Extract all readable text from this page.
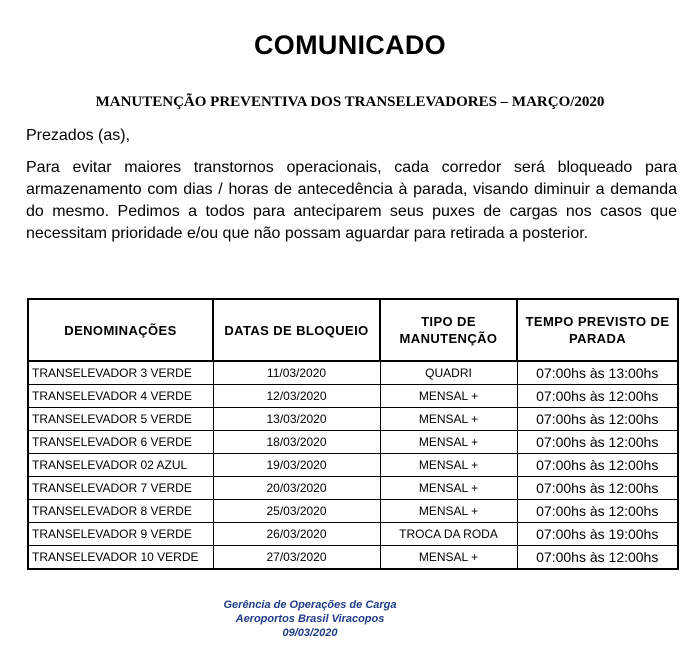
COMUNICADO
MANUTENÇÃO PREVENTIVA DOS TRANSELEVADORES – MARÇO/2020
Prezados (as),
Para evitar maiores transtornos operacionais, cada corredor será bloqueado para armazenamento com dias / horas de antecedência à parada, visando diminuir a demanda do mesmo. Pedimos a todos para anteciparem seus puxes de cargas nos casos que necessitam prioridade e/ou que não possam aguardar para retirada a posterior.
DENOMINAÇÕES	DATAS DE BLOQUEIO	TIPO DE MANUTENÇÃO	TEMPO PREVISTO DE PARADA
TRANSELEVADOR 3 VERDE	11/03/2020	QUADRI	07:00hs às 13:00hs
TRANSELEVADOR 4 VERDE	12/03/2020	MENSAL +	07:00hs às 12:00hs
TRANSELEVADOR 5 VERDE	13/03/2020	MENSAL +	07:00hs às 12:00hs
TRANSELEVADOR 6 VERDE	18/03/2020	MENSAL +	07:00hs às 12:00hs
TRANSELEVADOR 02 AZUL	19/03/2020	MENSAL +	07:00hs às 12:00hs
TRANSELEVADOR 7 VERDE	20/03/2020	MENSAL +	07:00hs às 12:00hs
TRANSELEVADOR 8 VERDE	25/03/2020	MENSAL +	07:00hs às 12:00hs
TRANSELEVADOR 9 VERDE	26/03/2020	TROCA DA RODA	07:00hs às 19:00hs
TRANSELEVADOR 10 VERDE	27/03/2020	MENSAL +	07:00hs às 12:00hs
Gerência de Operações de Carga
Aeroportos Brasil Viracopos
09/03/2020
